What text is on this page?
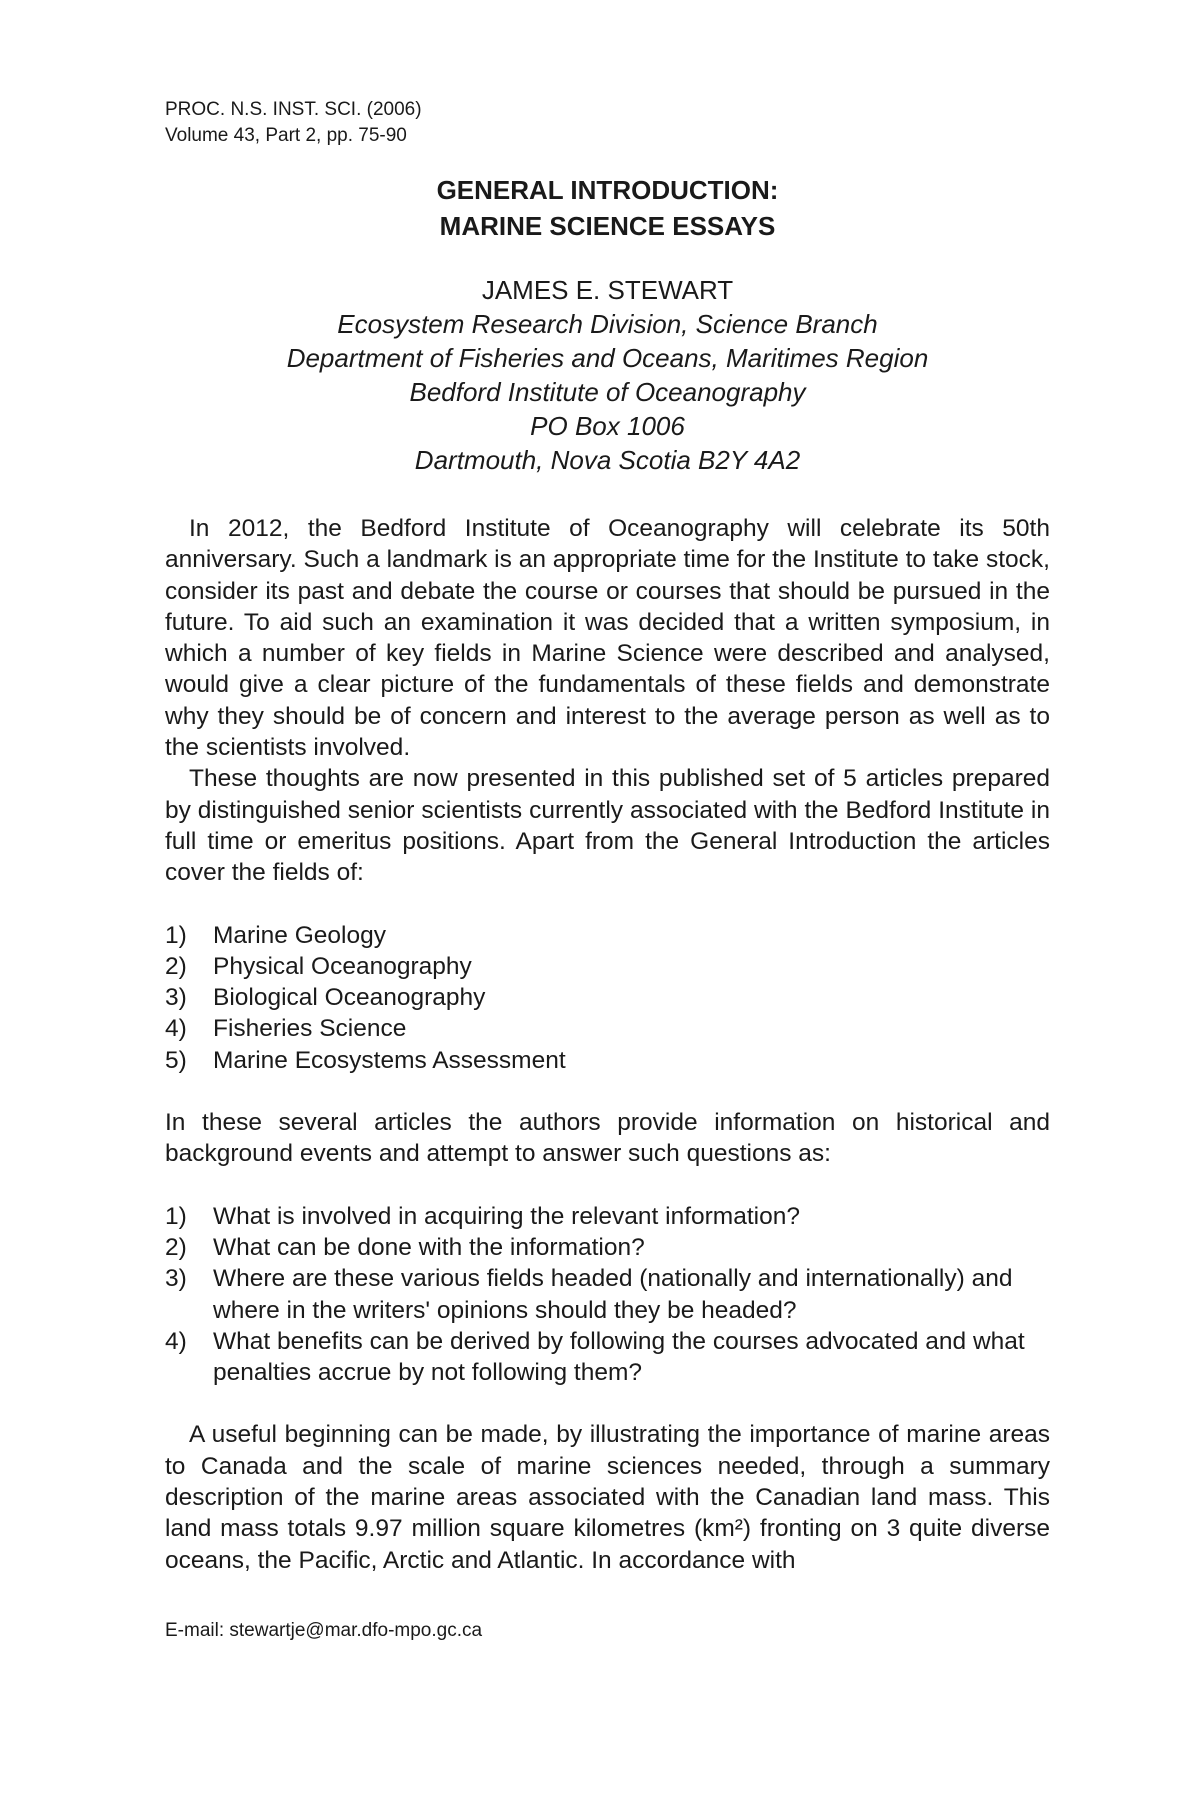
PROC. N.S. INST. SCI. (2006)
Volume 43, Part 2, pp. 75-90
GENERAL INTRODUCTION:
MARINE SCIENCE ESSAYS
JAMES E. STEWART
Ecosystem Research Division, Science Branch
Department of Fisheries and Oceans, Maritimes Region
Bedford Institute of Oceanography
PO Box 1006
Dartmouth, Nova Scotia B2Y 4A2

In 2012, the Bedford Institute of Oceanography will celebrate its 50th anniversary. Such a landmark is an appropriate time for the Institute to take stock, consider its past and debate the course or courses that should be pursued in the future. To aid such an examination it was decided that a written symposium, in which a number of key fields in Marine Science were described and analysed, would give a clear picture of the fundamentals of these fields and demonstrate why they should be of concern and interest to the average person as well as to the scientists involved.

These thoughts are now presented in this published set of 5 articles prepared by distinguished senior scientists currently associated with the Bedford Institute in full time or emeritus positions. Apart from the General Introduction the articles cover the fields of:

1) Marine Geology
2) Physical Oceanography
3) Biological Oceanography
4) Fisheries Science
5) Marine Ecosystems Assessment

In these several articles the authors provide information on historical and background events and attempt to answer such questions as:

1) What is involved in acquiring the relevant information?
2) What can be done with the information?
3) Where are these various fields headed (nationally and internationally) and where in the writers' opinions should they be headed?
4) What benefits can be derived by following the courses advocated and what penalties accrue by not following them?

A useful beginning can be made, by illustrating the importance of marine areas to Canada and the scale of marine sciences needed, through a summary description of the marine areas associated with the Canadian land mass. This land mass totals 9.97 million square kilometres (km²) fronting on 3 quite diverse oceans, the Pacific, Arctic and Atlantic. In accordance with

E-mail: stewartje@mar.dfo-mpo.gc.ca
